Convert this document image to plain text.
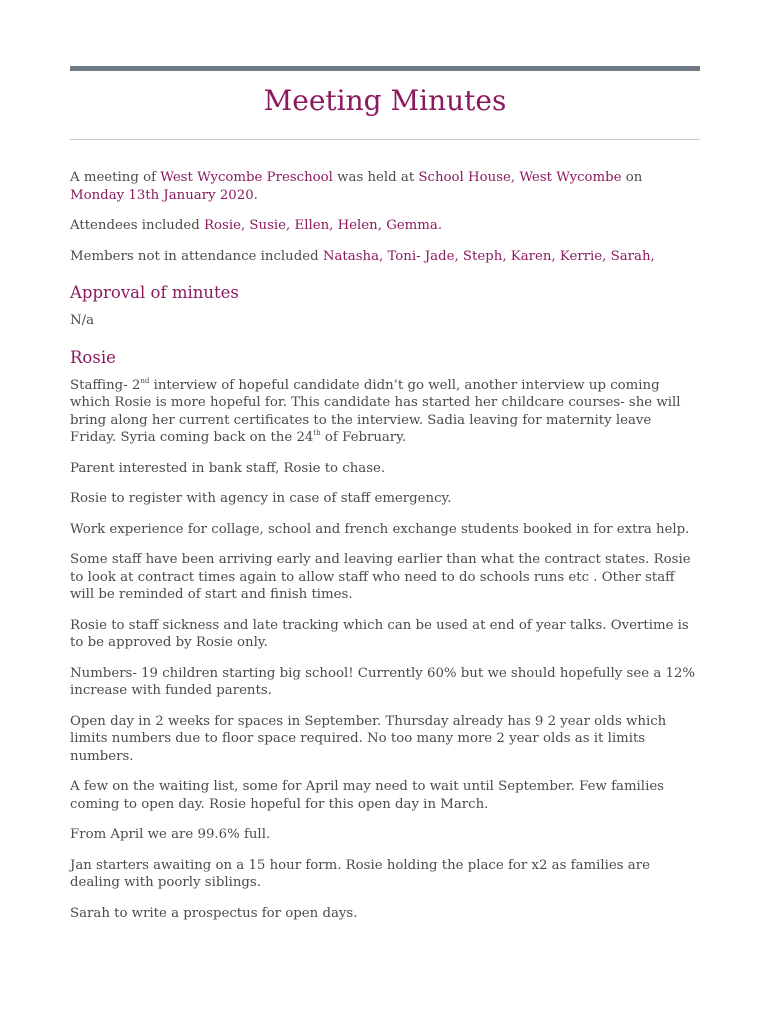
Meeting Minutes

A meeting of West Wycombe Preschool was held at School House, West Wycombe on Monday 13th January 2020.

Attendees included Rosie, Susie, Ellen, Helen, Gemma.

Members not in attendance included Natasha, Toni- Jade, Steph, Karen, Kerrie, Sarah,

Approval of minutes

N/a

Rosie

Staffing- 2nd interview of hopeful candidate didn’t go well, another interview up coming which Rosie is more hopeful for. This candidate has started her childcare courses- she will bring along her current certificates to the interview. Sadia leaving for maternity leave Friday. Syria coming back on the 24th of February.

Parent interested in bank staff, Rosie to chase.

Rosie to register with agency in case of staff emergency.

Work experience for collage, school and french exchange students booked in for extra help.

Some staff have been arriving early and leaving earlier than what the contract states. Rosie to look at contract times again to allow staff who need to do schools runs etc . Other staff will be reminded of start and finish times.

Rosie to staff sickness and late tracking which can be used at end of year talks. Overtime is to be approved by Rosie only.

Numbers- 19 children starting big school! Currently 60% but we should hopefully see a 12% increase with funded parents.

Open day in 2 weeks for spaces in September. Thursday already has 9 2 year olds which limits numbers due to floor space required. No too many more 2 year olds as it limits numbers.

A few on the waiting list, some for April may need to wait until September. Few families coming to open day. Rosie hopeful for this open day in March.

From April we are 99.6% full.

Jan starters awaiting on a 15 hour form. Rosie holding the place for x2 as families are dealing with poorly siblings.

Sarah to write a prospectus for open days.
